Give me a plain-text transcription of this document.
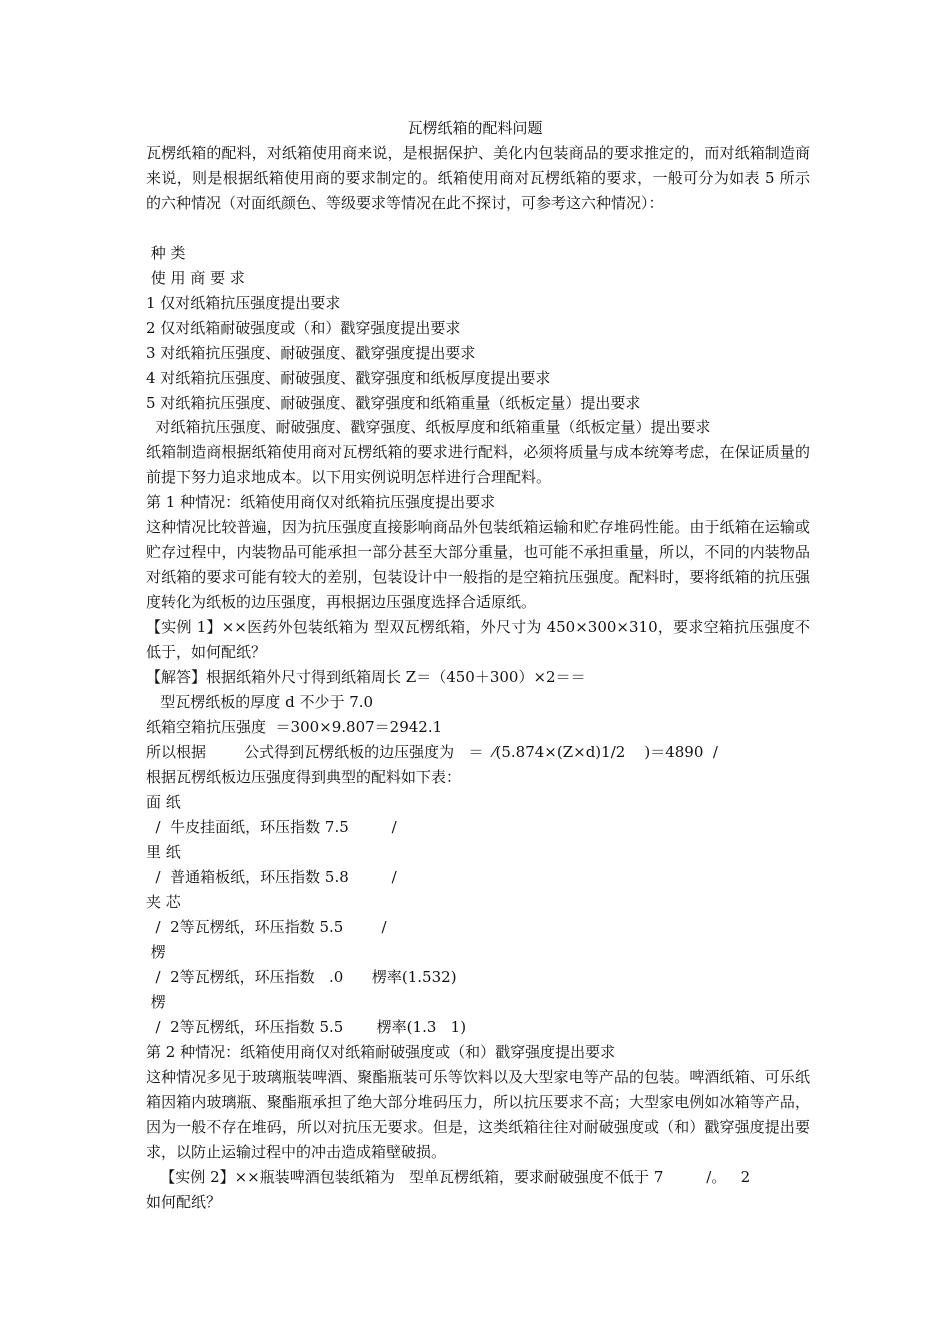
瓦楞纸箱的配料问题
瓦楞纸箱的配料，对纸箱使用商来说，是根据保护、美化内包装商品的要求推定的，而对纸箱制造商来说，则是根据纸箱使用商的要求制定的。纸箱使用商对瓦楞纸箱的要求，一般可分为如表 5 所示的六种情况（对面纸颜色、等级要求等情况在此不探讨，可参考这六种情况）：
种 类
使 用 商 要 求
1 仅对纸箱抗压强度提出要求
2 仅对纸箱耐破强度或（和）戳穿强度提出要求
3 对纸箱抗压强度、耐破强度、戳穿强度提出要求
4 对纸箱抗压强度、耐破强度、戳穿强度和纸板厚度提出要求
5 对纸箱抗压强度、耐破强度、戳穿强度和纸箱重量（纸板定量）提出要求
对纸箱抗压强度、耐破强度、戳穿强度、纸板厚度和纸箱重量（纸板定量）提出要求
纸箱制造商根据纸箱使用商对瓦楞纸箱的要求进行配料，必须将质量与成本统筹考虑，在保证质量的前提下努力追求地成本。以下用实例说明怎样进行合理配料。
第 1 种情况：纸箱使用商仅对纸箱抗压强度提出要求
这种情况比较普遍，因为抗压强度直接影响商品外包装纸箱运输和贮存堆码性能。由于纸箱在运输或贮存过程中，内装物品可能承担一部分甚至大部分重量，也可能不承担重量，所以，不同的内装物品对纸箱的要求可能有较大的差别，包装设计中一般指的是空箱抗压强度。配料时，要将纸箱的抗压强度转化为纸板的边压强度，再根据边压强度选择合适原纸。
【实例 1】××医药外包装纸箱为 型双瓦楞纸箱，外尺寸为 450×300×310，要求空箱抗压强度不低于，如何配纸？
【解答】根据纸箱外尺寸得到纸箱周长 Z＝（450＋300）×2＝＝
型瓦楞纸板的厚度 d 不少于 7.0
纸箱空箱抗压强度  ＝300×9.807＝2942.1
所以根据        公式得到瓦楞纸板的边压强度为   ＝  ⁄(5.874×(Z×d)1/2    )＝4890  /
根据瓦楞纸板边压强度得到典型的配料如下表：
面 纸
/  牛皮挂面纸，环压指数 7.5         /
里 纸
/  普通箱板纸，环压指数 5.8         /
夹 芯
/  2等瓦楞纸，环压指数 5.5        /
楞
/  2等瓦楞纸，环压指数   .0      楞率(1.532)
楞
/  2等瓦楞纸，环压指数 5.5       楞率(1.3   1)
第 2 种情况：纸箱使用商仅对纸箱耐破强度或（和）戳穿强度提出要求
这种情况多见于玻璃瓶装啤酒、聚酯瓶装可乐等饮料以及大型家电等产品的包装。啤酒纸箱、可乐纸箱因箱内玻璃瓶、聚酯瓶承担了绝大部分堆码压力，所以抗压要求不高；大型家电例如冰箱等产品，因为一般不存在堆码，所以对抗压无要求。但是，这类纸箱往往对耐破强度或（和）戳穿强度提出要求，以防止运输过程中的冲击造成箱壁破损。
【实例 2】××瓶装啤酒包装纸箱为   型单瓦楞纸箱，要求耐破强度不低于 7         /。   2
如何配纸？
